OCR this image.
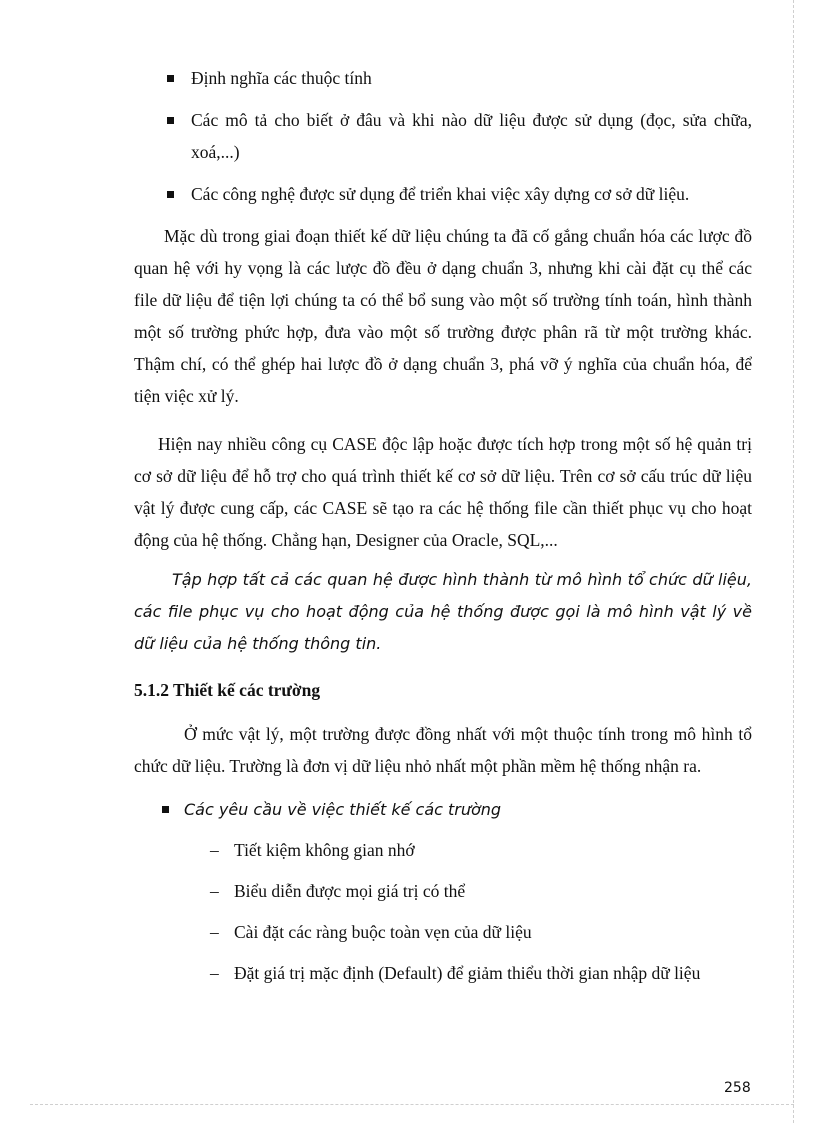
Định nghĩa các thuộc tính

Các mô tả cho biết ở đâu và khi nào dữ liệu được sử dụng (đọc, sửa chữa, xoá,...)

Các công nghệ được sử dụng để triển khai việc xây dựng cơ sở dữ liệu.

Mặc dù trong giai đoạn thiết kế dữ liệu chúng ta đã cố gắng chuẩn hóa các lược đồ quan hệ với hy vọng là các lược đồ đều ở dạng chuẩn 3, nhưng khi cài đặt cụ thể các file dữ liệu để tiện lợi chúng ta có thể bổ sung vào một số trường tính toán, hình thành một số trường phức hợp, đưa vào một số trường được phân rã từ một trường khác. Thậm chí, có thể ghép hai lược đồ ở dạng chuẩn 3, phá vỡ ý nghĩa của chuẩn hóa, để tiện việc xử lý.

Hiện nay nhiều công cụ CASE độc lập hoặc được tích hợp trong một số hệ quản trị cơ sở dữ liệu để hỗ trợ cho quá trình thiết kế cơ sở dữ liệu. Trên cơ sở cấu trúc dữ liệu vật lý được cung cấp, các CASE sẽ tạo ra các hệ thống file cần thiết phục vụ cho hoạt động của hệ thống. Chẳng hạn, Designer của Oracle, SQL,...

Tập hợp tất cả các quan hệ được hình thành từ mô hình tổ chức dữ liệu, các file phục vụ cho hoạt động của hệ thống được gọi là mô hình vật lý về dữ liệu của hệ thống thông tin.

5.1.2 Thiết kế các trường

Ở mức vật lý, một trường được đồng nhất với một thuộc tính trong mô hình tổ chức dữ liệu. Trường là đơn vị dữ liệu nhỏ nhất một phần mềm hệ thống nhận ra.

Các yêu cầu về việc thiết kế các trường
– Tiết kiệm không gian nhớ
– Biểu diễn được mọi giá trị có thể
– Cài đặt các ràng buộc toàn vẹn của dữ liệu
– Đặt giá trị mặc định (Default) để giảm thiểu thời gian nhập dữ liệu
258
